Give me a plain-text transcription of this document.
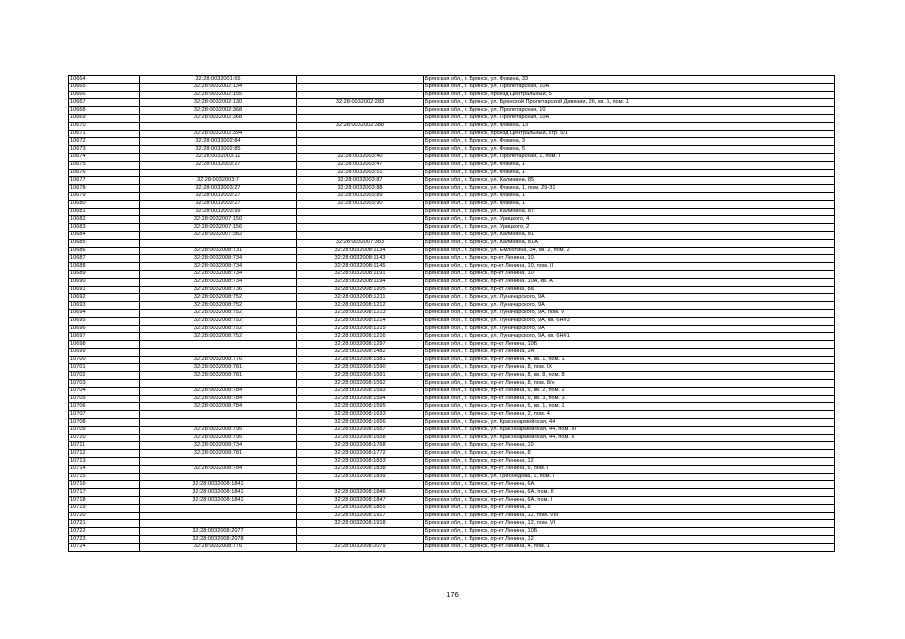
10664	32:28:0032001:65		Брянская обл., г. Брянск, ул. Фокина, 33
10665	32:28:0032002:134		Брянская обл., г. Брянск, ул. Пролетарская, 10А
10666	32:28:0032002:155		Брянская обл., г. Брянск, проезд Центральный, 5
10667	32:28:0032002:130	32:28:0032002:283	Брянская обл., г. Брянск, ул. Брянской Пролетарской Дивизии, 26, кв. 1, пом. 1
10668	32:28:0032002:368		Брянская обл., г. Брянск, ул. Пролетарская, 10
10669	32:28:0032002:368		Брянская обл., г. Брянск, ул. Пролетарская, 10А
10670		32:28:0032002:388	Брянская обл., г. Брянск, ул. Фокина, 13
10671	32:28:0032002:394		Брянская обл., г. Брянск, проезд Центральный, стр. 5/1
10672	32:28:0032002:84		Брянская обл., г. Брянск, ул. Фокина, 3
10673	32:28:0032002:85		Брянская обл., г. Брянск, ул. Фокина, 5
10674	32:28:0032003:11	32:28:0032003:40	Брянская обл., г. Брянск, ул. Пролетарская, 1, пом. I
10675	32:28:0032003:27	32:28:0032003:47	Брянская обл., г. Брянск, ул. Фокина, 1
10676		32:28:0032003:51	Брянская обл., г. Брянск, ул. Фокина, 1
10677	32:28:0032003:7	32:28:0032003:87	Брянская обл., г. Брянск, ул. Калинина, 85
10678	32:28:0032003:27	32:28:0032003:88	Брянская обл., г. Брянск, ул. Фокина, 1, пом. 29-31
10679	32:28:0032003:27	32:28:0032003:89	Брянская обл., г. Брянск, ул. Фокина, 1
10680	32:28:0032003:27	32:28:0032003:90	Брянская обл., г. Брянск, ул. Фокина, 1
10681	32:28:0032003:99		Брянская обл., г. Брянск, ул. Калинина, 87
10682	32:28:0032007:150		Брянская обл., г. Брянск, ул. Урицкого, 4
10683	32:28:0032007:156		Брянская обл., г. Брянск, ул. Урицкого, 2
10684	32:28:0032007:382		Брянская обл., г. Брянск, ул. Калинина, 81
10685		32:28:0032007:383	Брянская обл., г. Брянск, ул. Калинина, 81А
10686	32:28:0032008:731	32:28:0032008:1134	Брянская обл., г. Брянск, ул. Емлютина, 34, кв. 2, пом. 2
10687	32:28:0032008:734	32:28:0032008:1143	Брянская обл., г. Брянск, пр-кт Ленина, 10
10688	32:28:0032008:734	32:28:0032008:1145	Брянская обл., г. Брянск, пр-кт Ленина, 10, пом. II
10689	32:28:0032008:734	32:28:0032008:1191	Брянская обл., г. Брянск, пр-кт Ленина, 10
10690	32:28:0032008:734	32:28:0032008:1194	Брянская обл., г. Брянск, пр-кт Ленина, 10А, кв. А
10691	32:28:0032008:736	32:28:0032008:1205	Брянская обл., г. Брянск, пр-кт Ленина, 8а
10692	32:28:0032008:752	32:28:0032008:1211	Брянская обл., г. Брянск, ул. Луначарского, 9А
10693	32:28:0032008:752	32:28:0032008:1212	Брянская обл., г. Брянск, ул. Луначарского, 9А
10694	32:28:0032008:752	32:28:0032008:1213	Брянская обл., г. Брянск, ул. Луначарского, 9А, пом. V
10695	32:28:0032008:752	32:28:0032008:1214	Брянская обл., г. Брянск, ул. Луначарского, 9А, кв. 6Н#3
10696	32:28:0032008:752	32:28:0032008:1215	Брянская обл., г. Брянск, ул. Луначарского, 9А
10697	32:28:0032008:752	32:28:0032008:1216	Брянская обл., г. Брянск, ул. Луначарского, 9А, кв. 6Н#1
10698		32:28:0032008:1297	Брянская обл., г. Брянск, пр-кт Ленина, 10Б
10699		32:28:0032008:1482	Брянская обл., г. Брянск, пр-кт Ленина, 2А
10700	32:28:0032008:776	32:28:0032008:1581	Брянская обл., г. Брянск, пр-кт Ленина, 4, кв. 1, пом. 1
10701	32:28:0032008:781	32:28:0032008:1590	Брянская обл., г. Брянск, пр-кт Ленина, 8, пом. IX
10702	32:28:0032008:781	32:28:0032008:1591	Брянская обл., г. Брянск, пр-кт Ленина, 8, кв. 8, пом. 8
10703		32:28:0032008:1592	Брянская обл., г. Брянск, пр-кт Ленина, 8, пом. 8/н
10704	32:28:0032008:784	32:28:0032008:1593	Брянская обл., г. Брянск, пр-кт Ленина, 6, кв. 2, пом. 2
10705	32:28:0032008:784	32:28:0032008:1594	Брянская обл., г. Брянск, пр-кт Ленина, 6, кв. 3, пом. 3
10706	32:28:0032008:784	32:28:0032008:1595	Брянская обл., г. Брянск, пр-кт Ленина, 6, кв. 1, пом. 1
10707		32:28:0032008:1633	Брянская обл., г. Брянск, пр-кт Ленина, 2, пом. 4
10708		32:28:0032008:1656	Брянская обл., г. Брянск, ул. Красноармейская, 44
10709	32:28:0032008:795	32:28:0032008:1657	Брянская обл., г. Брянск, ул. Красноармейская, 44, пом. III
10710	32:28:0032008:795	32:28:0032008:1658	Брянская обл., г. Брянск, ул. Красноармейская, 44, пом. II
10711	32:28:0032008:734	32:28:0032008:1768	Брянская обл., г. Брянск, пр-кт Ленина, 10
10712	32:28:0032008:781	32:28:0032008:1772	Брянская обл., г. Брянск, пр-кт Ленина, 8
10713		32:28:0032008:1833	Брянская обл., г. Брянск, пр-кт Ленина, 12
10714	32:28:0032008:784	32:28:0032008:1838	Брянская обл., г. Брянск, пр-кт Ленина, 6, пом. I
10715		32:28:0032008:1839	Брянская обл., г. Брянск, ул. Грибоедова, 1, пом. I
10716	32:28:0032008:1841		Брянская обл., г. Брянск, пр-кт Ленина, 6А
10717	32:28:0032008:1841	32:28:0032008:1846	Брянская обл., г. Брянск, пр-кт Ленина, 6А, пом. II
10718	32:28:0032008:1841	32:28:0032008:1847	Брянская обл., г. Брянск, пр-кт Ленина, 6А, пом. I
10719		32:28:0032008:1855	Брянская обл., г. Брянск, пр-кт Ленина, 8
10720		32:28:0032008:1917	Брянская обл., г. Брянск, пр-кт Ленина, 12, пом. VIII
10721		32:28:0032008:1918	Брянская обл., г. Брянск, пр-кт Ленина, 12, пом. VI
10722	32:28:0032008:2077		Брянская обл., г. Брянск, пр-кт Ленина, 10Б
10723	32:28:0032008:2078		Брянская обл., г. Брянск, пр-кт Ленина, 12
10724	32:28:0032008:776	32:28:0032008:2079	Брянская обл., г. Брянск, пр-кт Ленина, 4, пом. 1
176
